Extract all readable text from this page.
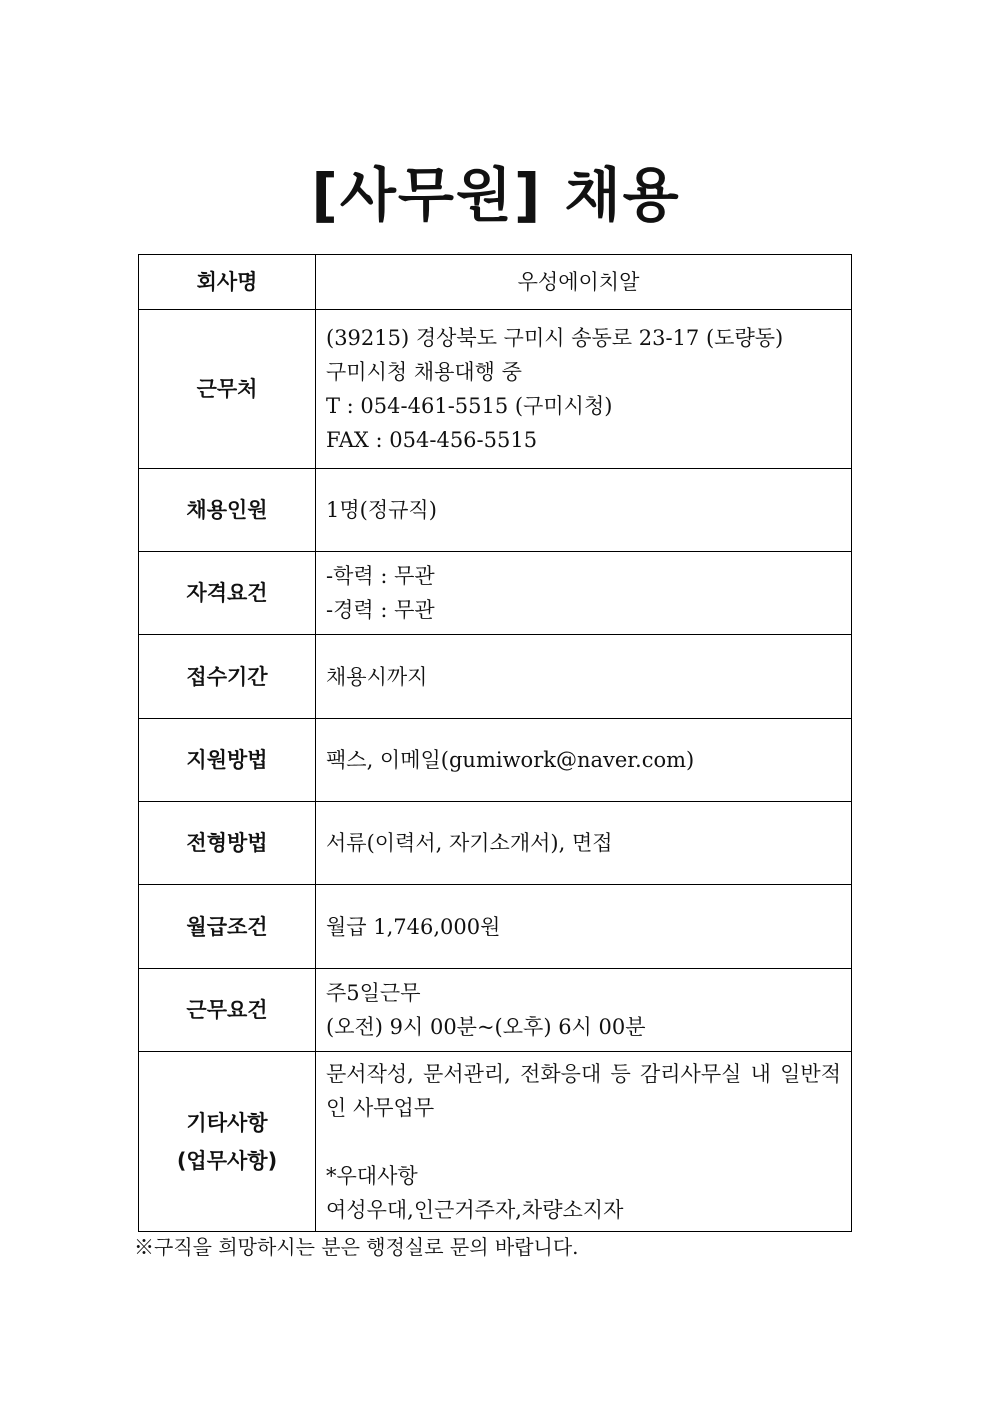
[사무원] 채용
회사명	우성에이치알
근무처	(39215) 경상북도 구미시 송동로 23-17 (도량동)
구미시청 채용대행 중
T : 054-461-5515 (구미시청)
FAX : 054-456-5515

채용인원	1명(정규직)
자격요건	-학력 : 무관
-경력 : 무관

접수기간	채용시까지
지원방법	팩스, 이메일(gumiwork@naver.com)
전형방법	서류(이력서, 자기소개서), 면접
월급조건	월급 1,746,000원
근무요건	주5일근무
(오전) 9시 00분~(오후) 6시 00분

기타사항
(업무사항)	문서작성, 문서관리, 전화응대 등 감리사무실 내 일반적인 사무업무
*우대사항
여성우대,인근거주자,차량소지자
※구직을 희망하시는 분은 행정실로 문의 바랍니다.
